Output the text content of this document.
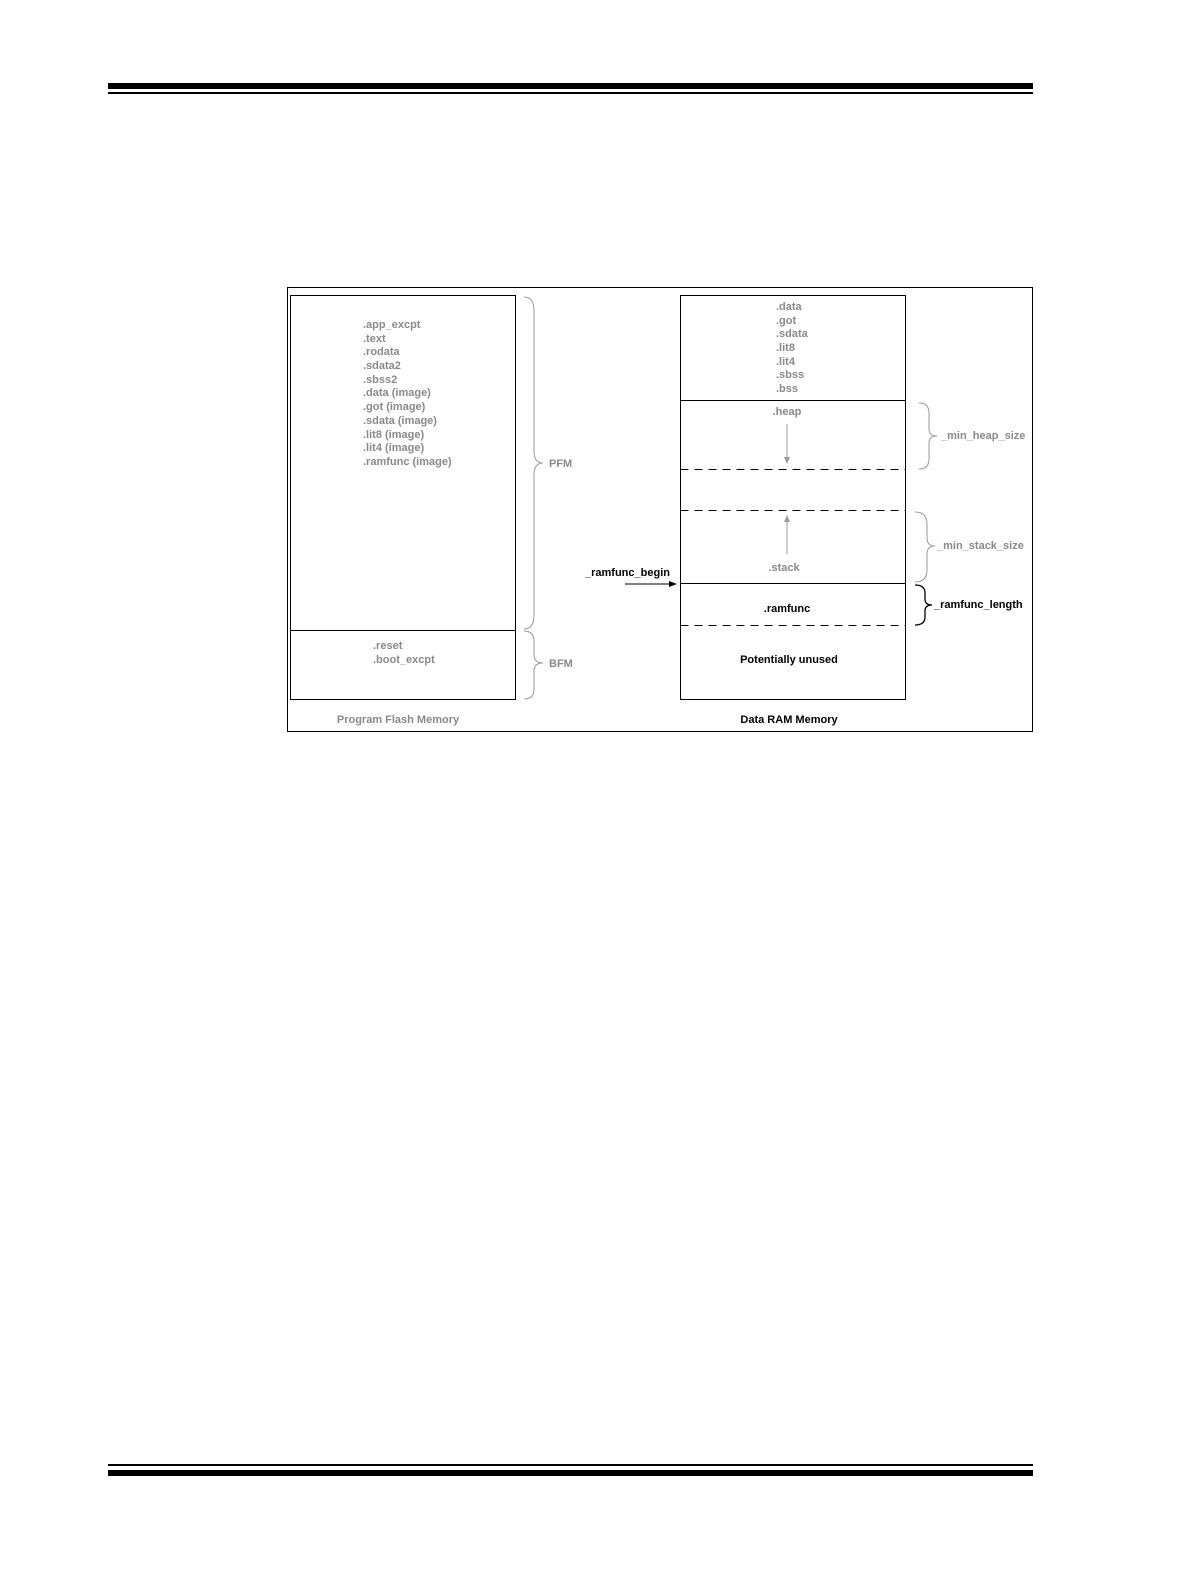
.app_excpt
.text
.rodata
.sdata2
.sbss2
.data (image)
.got (image)
.sdata (image)
.lit8 (image)
.lit4 (image)
.ramfunc (image)
.reset
.boot_excpt
PFM
BFM
Program Flash Memory
.data
.got
.sdata
.lit8
.lit4
.sbss
.bss
.heap
.stack
.ramfunc
Potentially unused
_ramfunc_begin
_min_heap_size
_min_stack_size
_ramfunc_length
Data RAM Memory
